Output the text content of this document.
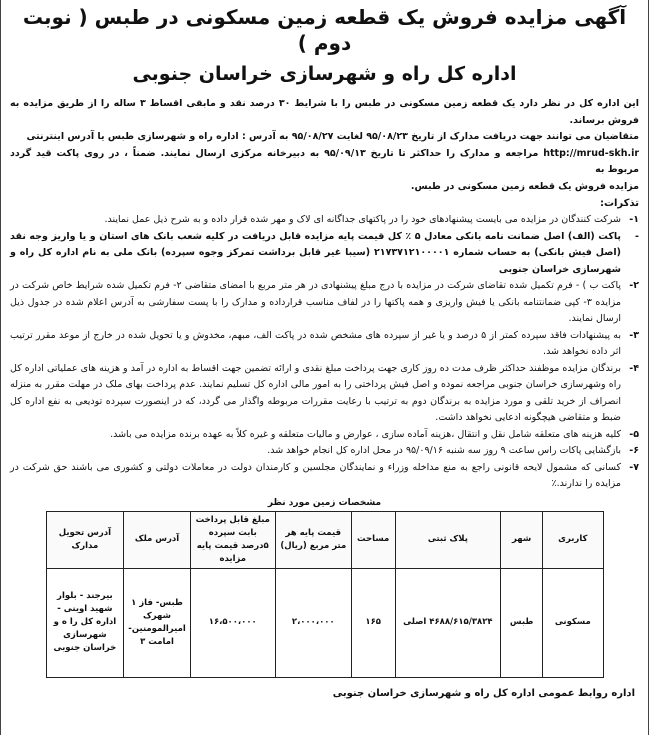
آگهی مزایده فروش یک قطعه زمین مسکونی در طبس ( نوبت دوم )
اداره کل راه و شهرسازی خراسان جنوبی

این اداره کل در نظر دارد یک قطعه زمین مسکونی در طبس را با شرایط ۳۰ درصد نقد و مابقی اقساط ۳ ساله را از طریق مزایده به فروش برساند.

متقاضیان می توانند جهت دریافت مدارک از تاریخ ۹۵/۰۸/۲۳ لغایت ۹۵/۰۸/۲۷ به آدرس : اداره راه و شهرسازی طبس یا آدرس اینترنتی

http://mrud-skh.ir مراجعه و مدارک را حداکثر تا تاریخ ۹۵/۰۹/۱۳ به دبیرخانه مرکزی ارسال نمایند. ضمناً ، در روی پاکت قید گردد مربوط به

مزایده فروش یک قطعه زمین مسکونی در طبس.

تذکرات:
۱-
شرکت کنندگان در مزایده می بایست پیشنهادهای خود را در پاکتهای جداگانه ای لاک و مهر شده قرار داده و به شرح ذیل عمل نمایند.
-
پاکت (الف) اصل ضمانت نامه بانکی معادل ۵ ٪ کل قیمت پایه مزایده قابل دریافت در کلیه شعب بانک های استان و یا واریز وجه نقد (اصل فیش بانکی) به حساب شماره ۲۱۷۳۷۱۲۱۰۰۰۰۱ (سیبا غیر قابل برداشت تمرکز وجوه سپرده) بانک ملی به نام اداره کل راه و شهرسازی خراسان جنوبی
۲-
پاکت ب ) - فرم تکمیل شده تقاضای شرکت در مزایده با درج مبلغ پیشنهادی در هر متر مربع با امضای متقاضی ۲- فرم تکمیل شده شرایط خاص شرکت در مزایده ۳- کپی ضمانتنامه بانکی یا فیش واریزی و همه پاکتها را در لفاف مناسب قرارداده و مدارک را با پست سفارشی به آدرس اعلام شده در جدول ذیل ارسال نمایند.
۳-
به پیشنهادات فاقد سپرده کمتر از ۵ درصد و یا غیر از سپرده های مشخص شده در پاکت الف، مبهم، مخدوش و یا تحویل شده در خارج از موعد مقرر ترتیب اثر داده نخواهد شد.
۴-
برندگان مزایده موظفند حداکثر ظرف مدت ده روز کاری جهت پرداخت مبلغ نقدی و ارائه تضمین جهت اقساط به اداره در آمد و هزینه های عملیاتی اداره کل راه وشهرسازی خراسان جنوبی مراجعه نموده و اصل فیش پرداختی را به امور مالی اداره کل تسلیم نمایند. عدم پرداخت بهای ملک در مهلت مقرر به منزله انصراف از خرید تلقی و مورد مزایده به برندگان دوم به ترتیب با رعایت مقررات مربوطه واگذار می گردد، که در اینصورت سپرده تودیعی به نفع اداره کل ضبط و متقاضی هیچگونه ادعایی نخواهد داشت.
۵-
کلیه هزینه های متعلقه شامل نقل و انتقال ،هزینه آماده سازی ، عوارض و مالیات متعلقه و غیره کلاً به عهده برنده مزایده می باشد.
۶-
بازگشایی پاکات راس ساعت ۹ روز سه شنبه ۹۵/۰۹/۱۶ در محل اداره کل انجام خواهد شد.
۷-
کسانی که مشمول لایحه قانونی راجع به منع مداخله وزراء و نمایندگان مجلسین و کارمندان دولت در معاملات دولتی و کشوری می باشند حق شرکت در مزایده را ندارند.٪
مشخصات زمین مورد نظر
کاربری	شهر	پلاک ثبتی	مساحت	قیمت پایه هر متر مربع (ریال)	مبلغ قابل پرداخت بابت سپرده ۵درصد قیمت پایه مزایده	آدرس ملک	آدرس تحویل مدارک
مسکونی	طبس	۴۶۸۸/۶۱۵/۳۸۲۴ اصلی	۱۶۵	۲،۰۰۰،۰۰۰	۱۶،۵۰۰،۰۰۰	طبس- فاز ۱ شهرک امیرالمومنین- امامت ۳	بیرجند - بلوار شهید اوینی - اداره کل را ه و شهرسازی خراسان جنوبی
اداره روابط عمومی اداره کل راه و شهرسازی خراسان جنوبی
